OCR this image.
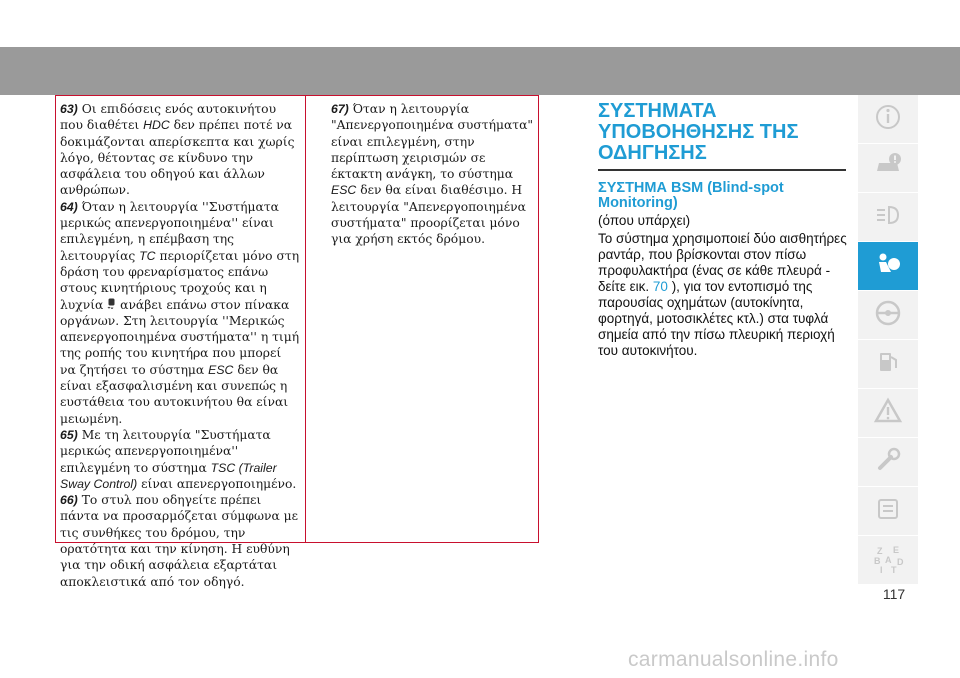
63) Οι επιδόσεις ενός αυτοκινήτου που διαθέτει HDC δεν πρέπει ποτέ να δοκιμάζονται απερίσκεπτα και χωρίς λόγο, θέτοντας σε κίνδυνο την ασφάλεια του οδηγού και άλλων ανθρώπων.

64) Όταν η λειτουργία ''Συστήματα μερικώς απενεργοποιημένα'' είναι επιλεγμένη, η επέμβαση της λειτουργίας TC περιορίζεται μόνο στη δράση του φρεναρίσματος επάνω στους κινητήριους τροχούς και η λυχνία  ανάβει επάνω στον πίνακα οργάνων. Στη λειτουργία ''Μερικώς απενεργοποιημένα συστήματα'' η τιμή της ροπής του κινητήρα που μπορεί να ζητήσει το σύστημα ESC δεν θα είναι εξασφαλισμένη και συνεπώς η ευστάθεια του αυτοκινήτου θα είναι μειωμένη.

65) Με τη λειτουργία "Συστήματα μερικώς απενεργοποιημένα'' επιλεγμένη το σύστημα TSC (Trailer Sway Control) είναι απενεργοποιημένο.

66) Το στυλ που οδηγείτε πρέπει πάντα να προσαρμόζεται σύμφωνα με τις συνθήκες του δρόμου, την ορατότητα και την κίνηση. Η ευθύνη για την οδική ασφάλεια εξαρτάται αποκλειστικά από τον οδηγό.

67) Όταν η λειτουργία "Απενεργοποιημένα συστήματα" είναι επιλεγμένη, στην περίπτωση χειρισμών σε έκτακτη ανάγκη, το σύστημα ESC δεν θα είναι διαθέσιμο. Η λειτουργία "Απενεργοποιημένα συστήματα" προορίζεται μόνο για χρήση εκτός δρόμου.

ΣΥΣΤΗΜΑΤΑ
ΥΠΟΒΟΗΘΗΣΗΣ ΤΗΣ
ΟΔΗΓΗΣΗΣ

ΣΥΣΤΗΜΑ BSM (Blind-spot
Monitoring)

(όπου υπάρχει)

Το σύστημα χρησιμοποιεί δύο αισθητήρες ραντάρ, που βρίσκονται στον πίσω προφυλακτήρα (ένας σε κάθε πλευρά - δείτε εικ. 70 ), για τον εντοπισμό της παρουσίας οχημάτων (αυτοκίνητα, φορτηγά, μοτοσικλέτες κτλ.) στα τυφλά σημεία από την πίσω πλευρική περιοχή του αυτοκινήτου.

Z E
B A D
I T
117
carmanualsonline.info
